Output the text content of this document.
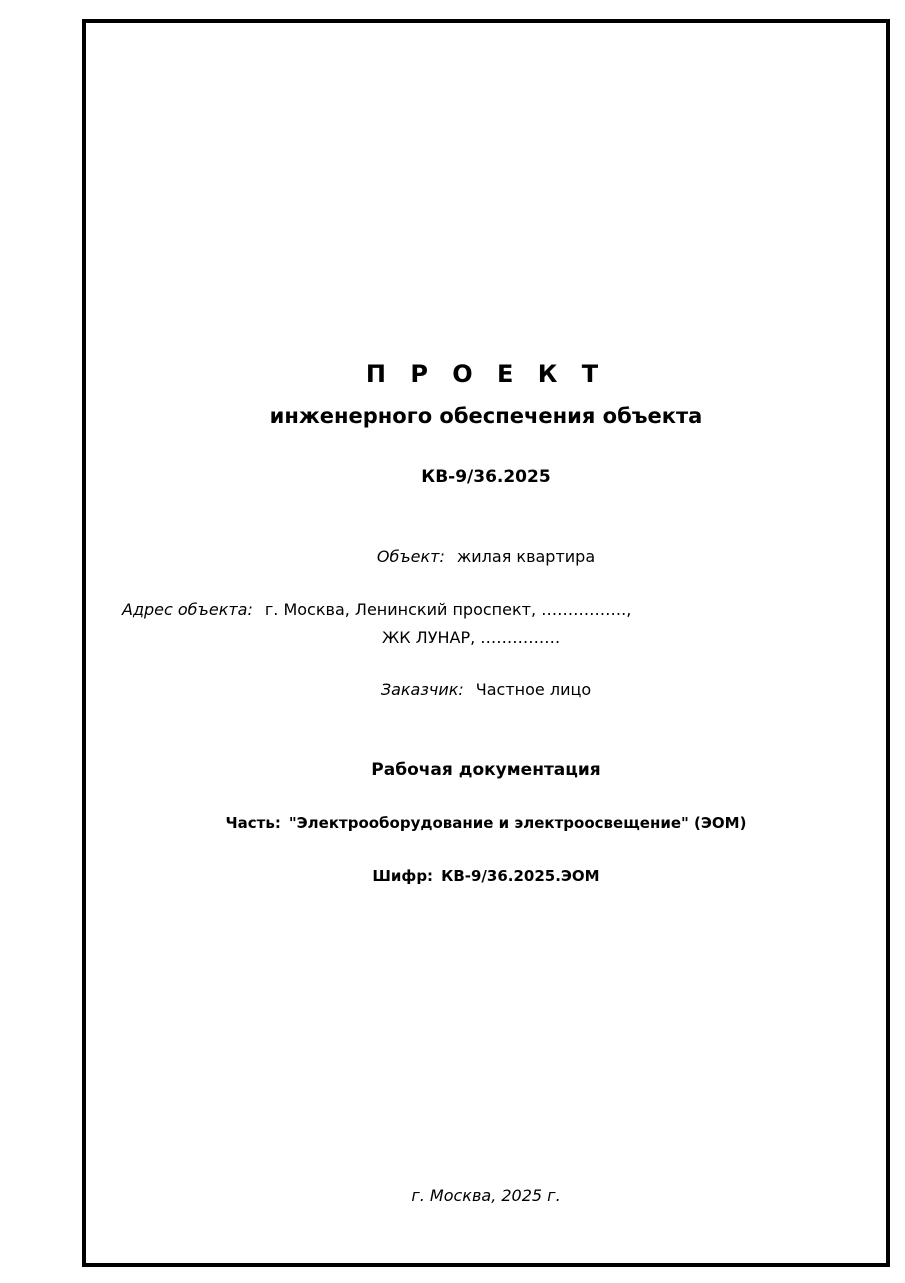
П Р О Е К Т
инженерного обеспечения объекта
КВ-9/36.2025
Объект: жилая квартира
Адрес объекта: г. Москва, Ленинский проспект, …………….,
ЖК ЛУНАР, ……………
Заказчик: Частное лицо
Рабочая документация
Часть: "Электрооборудование и электроосвещение" (ЭОМ)
Шифр: КВ-9/36.2025.ЭОМ
г. Москва, 2025 г.
